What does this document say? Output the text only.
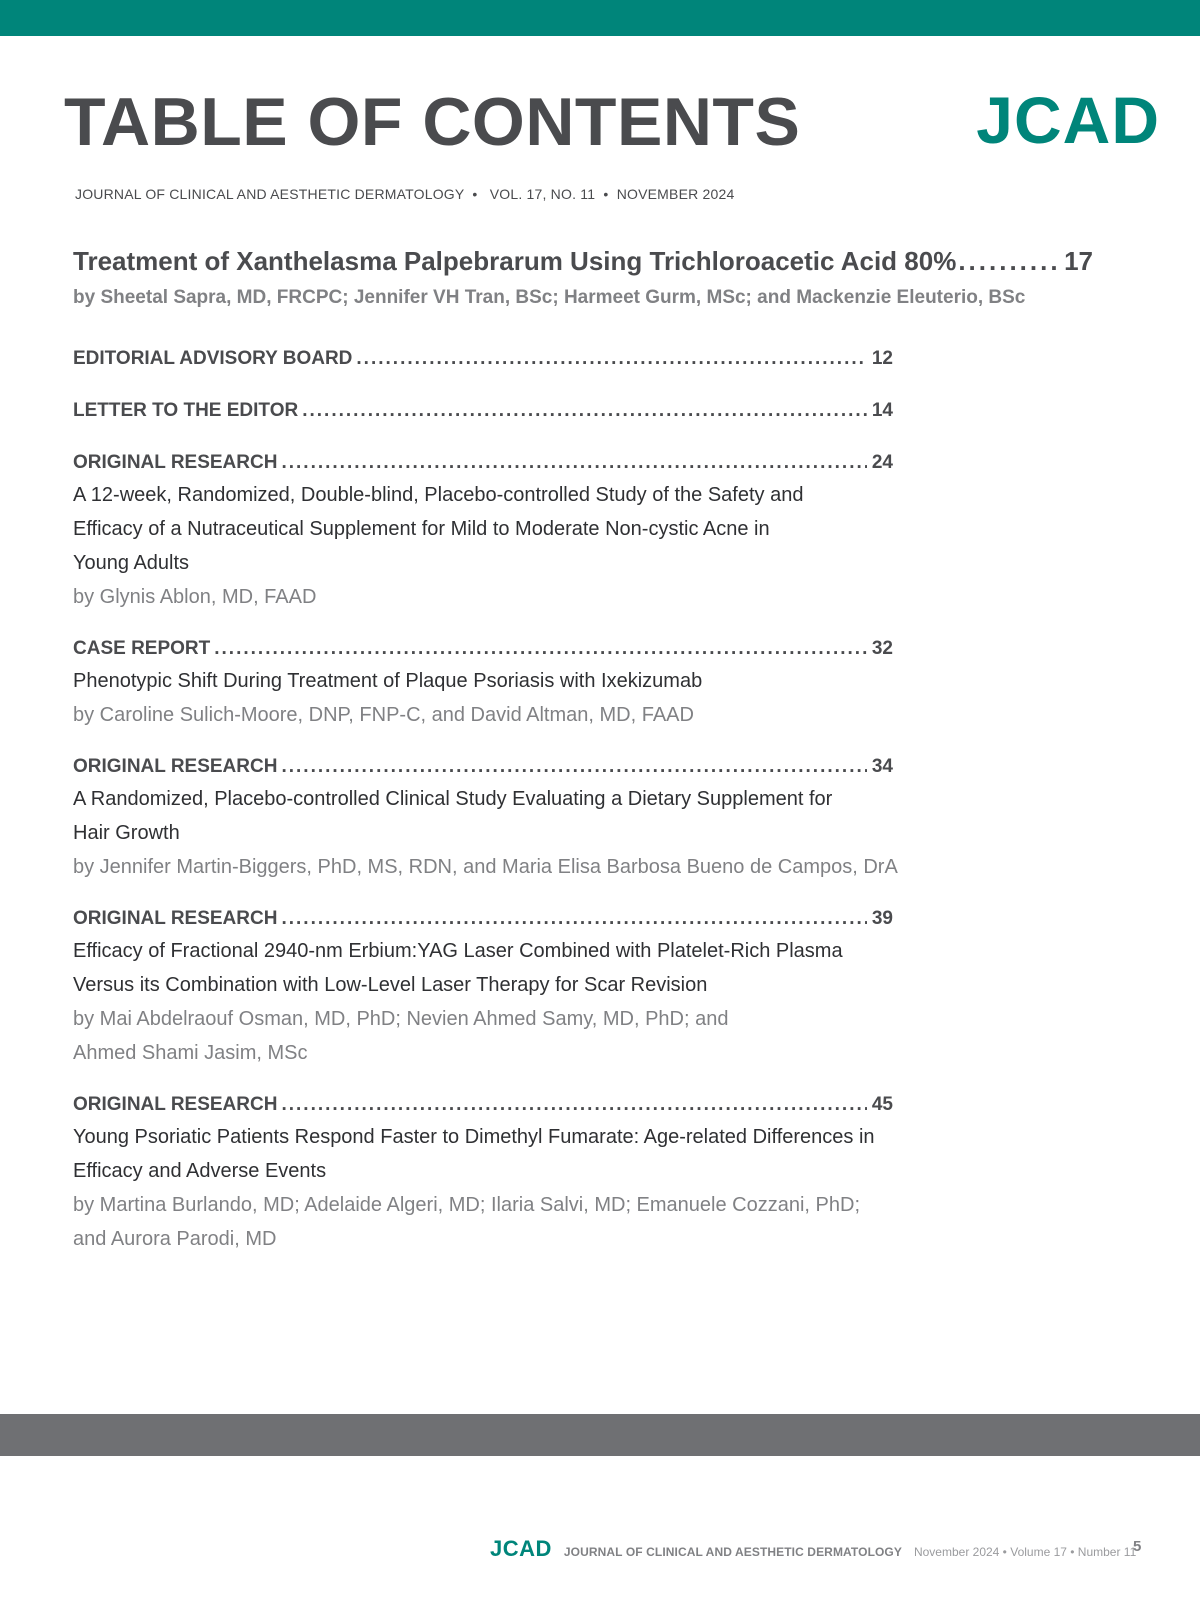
TABLE OF CONTENTS	JCAD
JOURNAL OF CLINICAL AND AESTHETIC DERMATOLOGY • VOL. 17, NO. 11 • NOVEMBER 2024
Treatment of Xanthelasma Palpebrarum Using Trichloroacetic Acid 80% .....	17
by Sheetal Sapra, MD, FRCPC; Jennifer VH Tran, BSc; Harmeet Gurm, MSc; and Mackenzie Eleuterio, BSc
EDITORIAL ADVISORY BOARD .....	12
LETTER TO THE EDITOR .....	14
ORIGINAL RESEARCH .....	24
A 12-week, Randomized, Double-blind, Placebo-controlled Study of the Safety and
Efficacy of a Nutraceutical Supplement for Mild to Moderate Non-cystic Acne in
Young Adults
by Glynis Ablon, MD, FAAD
CASE REPORT .....	32
Phenotypic Shift During Treatment of Plaque Psoriasis with Ixekizumab
by Caroline Sulich-Moore, DNP, FNP-C, and David Altman, MD, FAAD
ORIGINAL RESEARCH .....	34
A Randomized, Placebo-controlled Clinical Study Evaluating a Dietary Supplement for
Hair Growth
by Jennifer Martin-Biggers, PhD, MS, RDN, and Maria Elisa Barbosa Bueno de Campos, DrA
ORIGINAL RESEARCH .....	39
Efficacy of Fractional 2940-nm Erbium:YAG Laser Combined with Platelet-Rich Plasma
Versus its Combination with Low-Level Laser Therapy for Scar Revision
by Mai Abdelraouf Osman, MD, PhD; Nevien Ahmed Samy, MD, PhD; and
Ahmed Shami Jasim, MSc
ORIGINAL RESEARCH .....	45
Young Psoriatic Patients Respond Faster to Dimethyl Fumarate: Age-related Differences in
Efficacy and Adverse Events
by Martina Burlando, MD; Adelaide Algeri, MD; Ilaria Salvi, MD; Emanuele Cozzani, PhD;
and Aurora Parodi, MD
JCAD JOURNAL OF CLINICAL AND AESTHETIC DERMATOLOGY November 2024 • Volume 17 • Number 11
5
